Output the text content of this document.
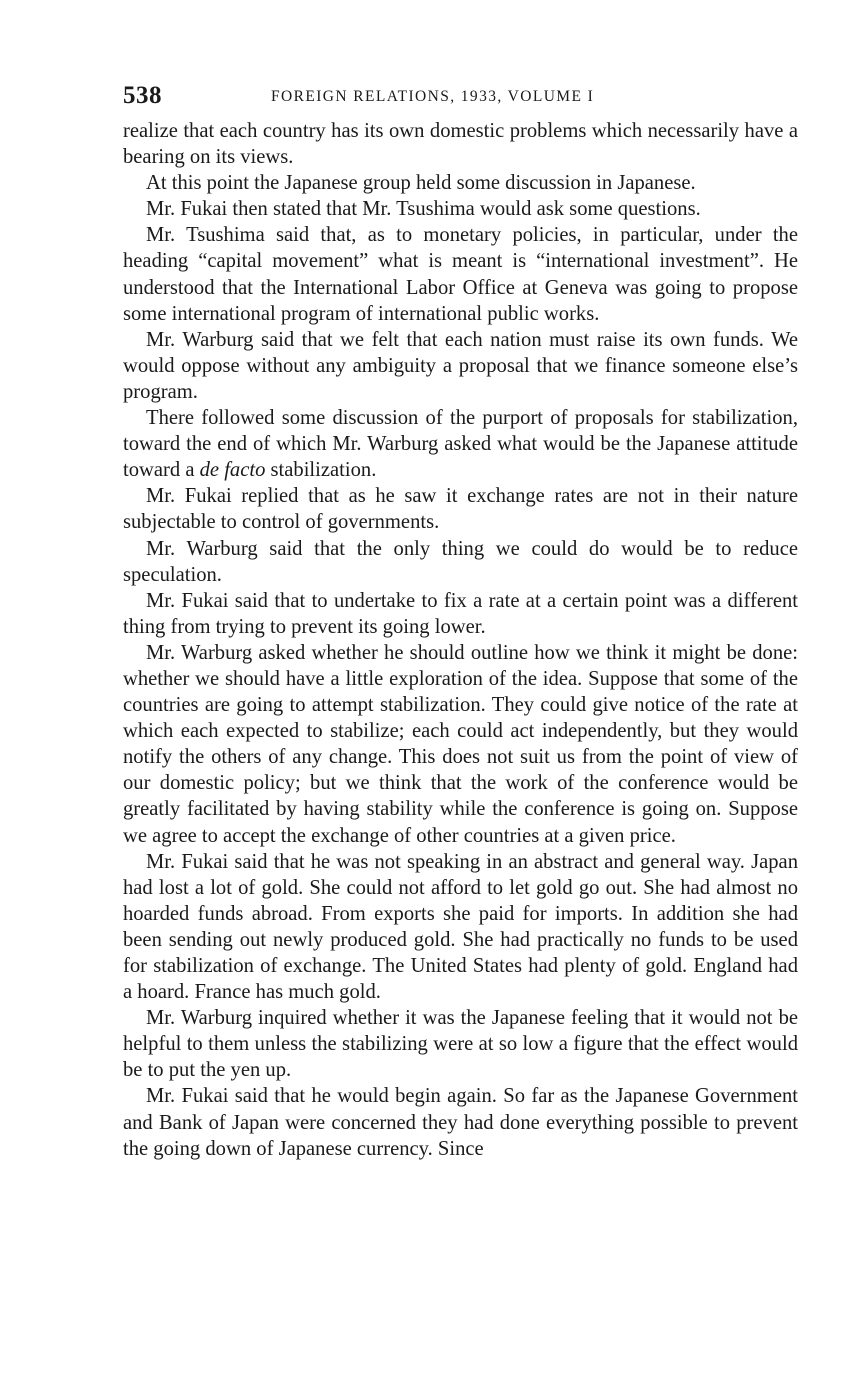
538	FOREIGN RELATIONS, 1933, VOLUME I

realize that each country has its own domestic problems which necessarily have a bearing on its views.

At this point the Japanese group held some discussion in Japanese.

Mr. Fukai then stated that Mr. Tsushima would ask some questions.

Mr. Tsushima said that, as to monetary policies, in particular, under the heading “capital movement” what is meant is “international investment”. He understood that the International Labor Office at Geneva was going to propose some international program of international public works.

Mr. Warburg said that we felt that each nation must raise its own funds. We would oppose without any ambiguity a proposal that we finance someone else’s program.

There followed some discussion of the purport of proposals for stabilization, toward the end of which Mr. Warburg asked what would be the Japanese attitude toward a de facto stabilization.

Mr. Fukai replied that as he saw it exchange rates are not in their nature subjectable to control of governments.

Mr. Warburg said that the only thing we could do would be to reduce speculation.

Mr. Fukai said that to undertake to fix a rate at a certain point was a different thing from trying to prevent its going lower.

Mr. Warburg asked whether he should outline how we think it might be done: whether we should have a little exploration of the idea. Suppose that some of the countries are going to attempt stabilization. They could give notice of the rate at which each expected to stabilize; each could act independently, but they would notify the others of any change. This does not suit us from the point of view of our domestic policy; but we think that the work of the conference would be greatly facilitated by having stability while the conference is going on. Suppose we agree to accept the exchange of other countries at a given price.

Mr. Fukai said that he was not speaking in an abstract and general way. Japan had lost a lot of gold. She could not afford to let gold go out. She had almost no hoarded funds abroad. From exports she paid for imports. In addition she had been sending out newly produced gold. She had practically no funds to be used for stabilization of exchange. The United States had plenty of gold. England had a hoard. France has much gold.

Mr. Warburg inquired whether it was the Japanese feeling that it would not be helpful to them unless the stabilizing were at so low a figure that the effect would be to put the yen up.

Mr. Fukai said that he would begin again. So far as the Japanese Government and Bank of Japan were concerned they had done everything possible to prevent the going down of Japanese currency. Since
